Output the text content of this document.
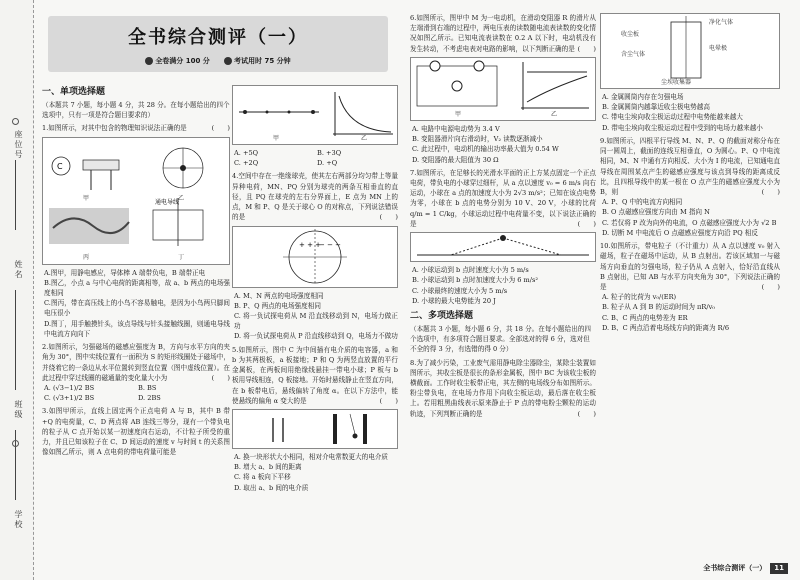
座位号
姓名
班级
学校
全书综合测评（一）
全卷满分 100 分	考试用时 75 分钟
一、单项选择题
（本题共 7 小题，每小题 4 分，共 28 分。在每小题给出的四个选项中，只有一项是符合题目要求的）
1.如图所示，对其中包含的物理知识说法正确的是	(　　)
C
通电导线
甲	乙
丙	丁
A.图甲，用静电感应，导体棒 A 端带负电，B 端带正电
B.图乙，小点 a 与中心电荷的距离相等，故 a、b 两点的电场强度相同
C.图丙，带在高压线上的小鸟不容易触电，是因为小鸟两只脚间电压很小
D.图丁，用手触摸针头，该点导线与针头接触线圈，则通电导线中电流方向向下
2.如图所示，匀强磁场的磁感应强度为 B，方向与水平方向的夹角为 30°，图中实线位置有一面积为 S 的矩形线圈处于磁场中，并绕着它的一条边从水平位置转到竖直位置（图中虚线位置）。在此过程中穿过线圈的磁通量的变化量大小为	(　　)
A. (√3−1)/2 BS	B. BS
C. (√3+1)/2 BS	D. 2BS
3.如图甲所示，直线上固定两个正点电荷 A 与 B，其中 B 带 +Q 的电荷量，C、D 两点将 AB 连线三等分，现有一个带负电的粒子从 C 点开始以某一初速度向右运动，不计粒子所受的重力，并且已知该粒子在 C、D 间运动的速度 v 与时间 t 的关系图像如图乙所示，则 A 点电荷的带电荷量可能是
甲	乙
A. +5Q	B. +3Q
C. +2Q	D. +Q
4.空间中存在一绝缘球壳，使其左右两部分均匀带上等量异种电荷，MN、PQ 分别为球壳的两条互相垂直的直径，且 PQ 在球壳的左右分界面上，E 点为 MN 上的点，M 和 P、Q 是关于球心 O 的对称点，下列说法错误的是	(　　)
+ + +
− − −
A. M、N 两点的电场强度相同
B. P、Q 两点的电场强度相同
C. 将一负试探电荷从 M 沿直线移动到 N，电场力做正功
D. 将一负试探电荷从 P 沿直线移动到 Q，电场力不做功
5.如图所示，图中 C 为中间插有电介质的电容器，a 和 b 为其两极板，a 板接地；P 和 Q 为两竖直放置的平行金属板，在两板间用绝缘线悬挂一带电小球；P 板与 b 板用导线相连，Q 板接地。开始时悬线静止在竖直方向，在 b 板带电后，悬线偏转了角度 α。在以下方法中，能使悬线的偏角 α 变大的是	(　　)
A. 换一块形状大小相同，相对介电常数更大的电介质
B. 增大 a、b 间的距离
C. 将 a 板向下平移
D. 取出 a、b 间的电介质
6.如图所示，图甲中 M 为一电动机，在滑动变阻器 R 的滑片从左端滑到右端的过程中，两电压表的读数随电流表读数的变化情况如图乙所示。已知电流表读数在 0.2 A 以下时，电动机没有发生转动，不考虑电表对电路的影响，以下判断正确的是 (　　)
甲	乙
A. 电路中电源电动势为 3.4 V
B. 变阻器滑片向右滑动时，V₂ 读数逐渐减小
C. 此过程中，电动机的输出功率最大值为 0.54 W
D. 变阻器的最大阻值为 30 Ω
7.如图所示，在足够长的光滑水平面的正上方某点固定一个正点电荷，带负电的小球穿过细杆，从 a 点以速度 v₀ = 6 m/s 向右运动，小球在 a 点的加速度大小为 2√3 m/s²；已知在该点电势为零，小球在 b 点的电势分别为 10 V、20 V，小球的比荷 q/m = 1 C/kg，小球运动过程中电荷量不变，以下说法正确的是	(　　)
A. 小球运动到 b 点时速度大小为 5 m/s
B. 小球运动到 b 点时加速度大小为 6 m/s²
C. 小球最终的速度大小为 5 m/s
D. 小球的最大电势能为 20 J
二、多项选择题
（本题共 3 小题，每小题 6 分，共 18 分。在每小题给出的四个选项中，有多项符合题目要求。全部选对的得 6 分，选对但不全的得 3 分，有选错的得 0 分）
8.为了减少污染，工业废气需用静电除尘器除尘，某除尘装置如图所示，其收尘板是很长的条形金属板，图中 BC 为该收尘板的横截面。工作时收尘板带正电，其左侧的电场线分布如图所示。粉尘带负电，在电场力作用下向收尘板运动，最后落在收尘板上。若用粗黑曲线表示原来静止于 P 点的带电粉尘颗粒的运动轨迹，下列判断正确的是	(　　)
净化气体
收尘板
含尘气体
电晕极
尘埃收集器
A. 金属圆筒内存在匀强电场
B. 金属圆筒内越靠近收尘极电势越高
C. 带电尘埃向收尘极运动过程中电势能越来越大
D. 带电尘埃向收尘极运动过程中受到的电场力越来越小
9.如图所示，四根平行导线 M、N、P、Q 的截面对称分布在同一圆周上，截面的连线互相垂直，O 为圆心。P、Q 中电流相同，M、N 中通有方向相反、大小为 I 的电流，已知通电直导线在周围某点产生的磁感应强度与该点到导线的距离成反比，且四根导线中的某一根在 O 点产生的磁感应强度大小为 B，则	(　　)
A. P、Q 中的电流方向相同
B. O 点磁感应强度方向由 M 指向 N
C. 若仅将 P 改为向外的电流，O 点磁感应强度大小为 √2 B
D. 切断 M 中电流后 O 点磁感应强度方向沿 PQ 相反
10.如图所示，带电粒子（不计重力）从 A 点以速度 v₀ 射入磁场，粒子在磁场中运动，从 B 点射出。若该区域加一与磁场方向垂直的匀强电场，粒子仍从 A 点射入，恰好沿直线从 B 点射出，已知 AB 与水平方向夹角为 30°，下列说法正确的是	(　　)
A. 粒子的比荷为 v₀/(ER)
B. 粒子从 A 到 B 的运动时间为 πR/v₀
C. B、C 两点的电势差为 ER
D. B、C 两点沿着电场线方向的距离为 R/6
全书综合测评（一） 11
